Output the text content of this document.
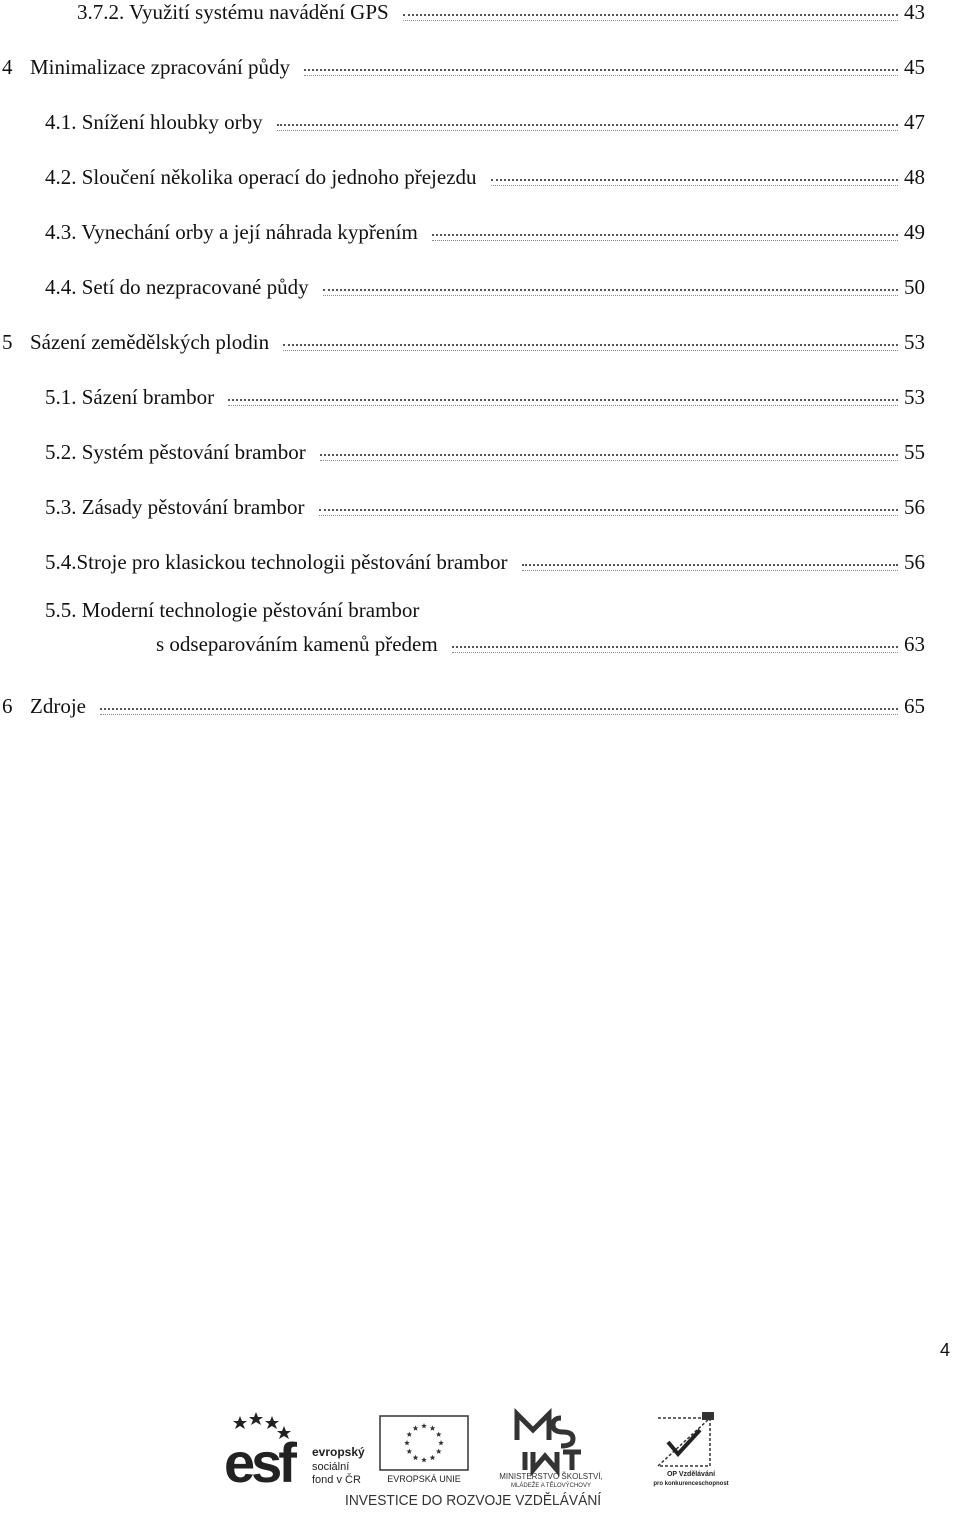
3.7.2. Využití systému navádění GPS	43
4 Minimalizace zpracování půdy	45
4.1. Snížení hloubky orby	47
4.2. Sloučení několika operací do jednoho přejezdu	48
4.3. Vynechání orby a její náhrada kypřením	49
4.4. Setí do nezpracované půdy	50
5 Sázení zemědělských plodin	53
5.1. Sázení brambor	53
5.2. Systém pěstování brambor	55
5.3. Zásady pěstování brambor	56
5.4.Stroje pro klasickou technologii pěstování brambor	56
5.5. Moderní technologie pěstování brambor
s odseparováním kamenů předem	63
6 Zdroje	65
4
esf	evropský
sociální
fond v ČR	EVROPSKÁ UNIE	MINISTERSTVO ŠKOLSTVÍ,
MLÁDEŽE A TĚLOVÝCHOVY
OP Vzdělávání
pro konkurenceschopnost
INVESTICE DO ROZVOJE VZDĚLÁVÁNÍ
